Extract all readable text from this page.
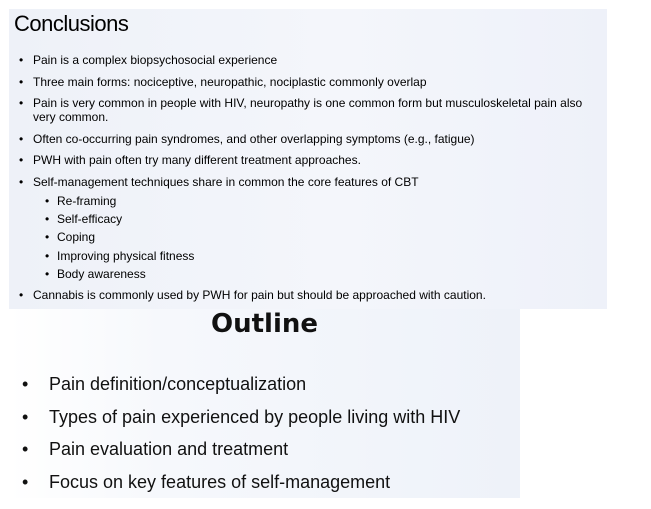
Conclusions
• Pain is a complex biopsychosocial experience
• Three main forms: nociceptive, neuropathic, nociplastic commonly overlap
• Pain is very common in people with HIV, neuropathy is one common form but musculoskeletal pain also very common.
• Often co-occurring pain syndromes, and other overlapping symptoms (e.g., fatigue)
• PWH with pain often try many different treatment approaches.
• Self-management techniques share in common the core features of CBT
• Re-framing
• Self-efficacy
• Coping
• Improving physical fitness
• Body awareness
• Cannabis is commonly used by PWH for pain but should be approached with caution.
Outline
• Pain definition/conceptualization
• Types of pain experienced by people living with HIV
• Pain evaluation and treatment
• Focus on key features of self-management
